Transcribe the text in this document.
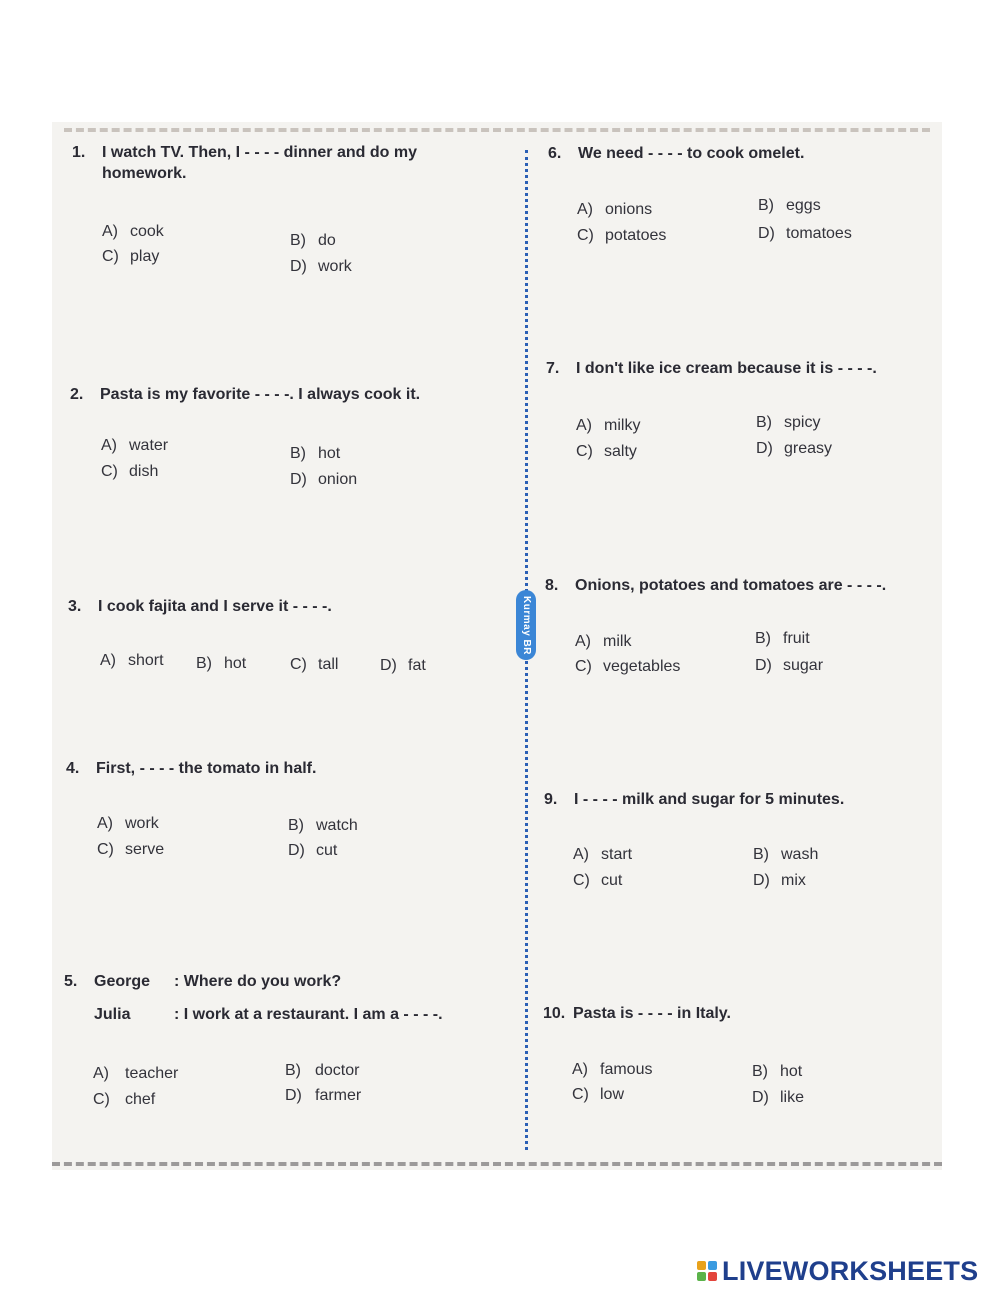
Kurmay BR
1. I watch TV. Then, I - - - - dinner and do my
homework.
A) cook
B) do
C) play
D) work
2. Pasta is my favorite - - - -. I always cook it.
A) water	B) hot
C) dish	D) onion
3. I cook fajita and I serve it - - - -.
A) short B) hot	C) tall	D) fat
4. First, - - - - the tomato in half.
A) work	B) watch
C) serve	D) cut
5. George : Where do you work?
Julia	: I work at a restaurant. I am a - - - -.
A) teacher	B) doctor
C) chef	D) farmer
6. We need - - - - to cook omelet.
A) onions	B) eggs
C) potatoes	D) tomatoes
7. I don't like ice cream because it is - - - -.
A) milky	B) spicy
C) salty	D) greasy
8. Onions, potatoes and tomatoes are - - - -.
A) milk	B) fruit
C) vegetables	D) sugar
9. I - - - - milk and sugar for 5 minutes.
A) start	B) wash
C) cut	D) mix
10. Pasta is - - - - in Italy.
A) famous	B) hot
C) low	D) like
LIVEWORKSHEETS
